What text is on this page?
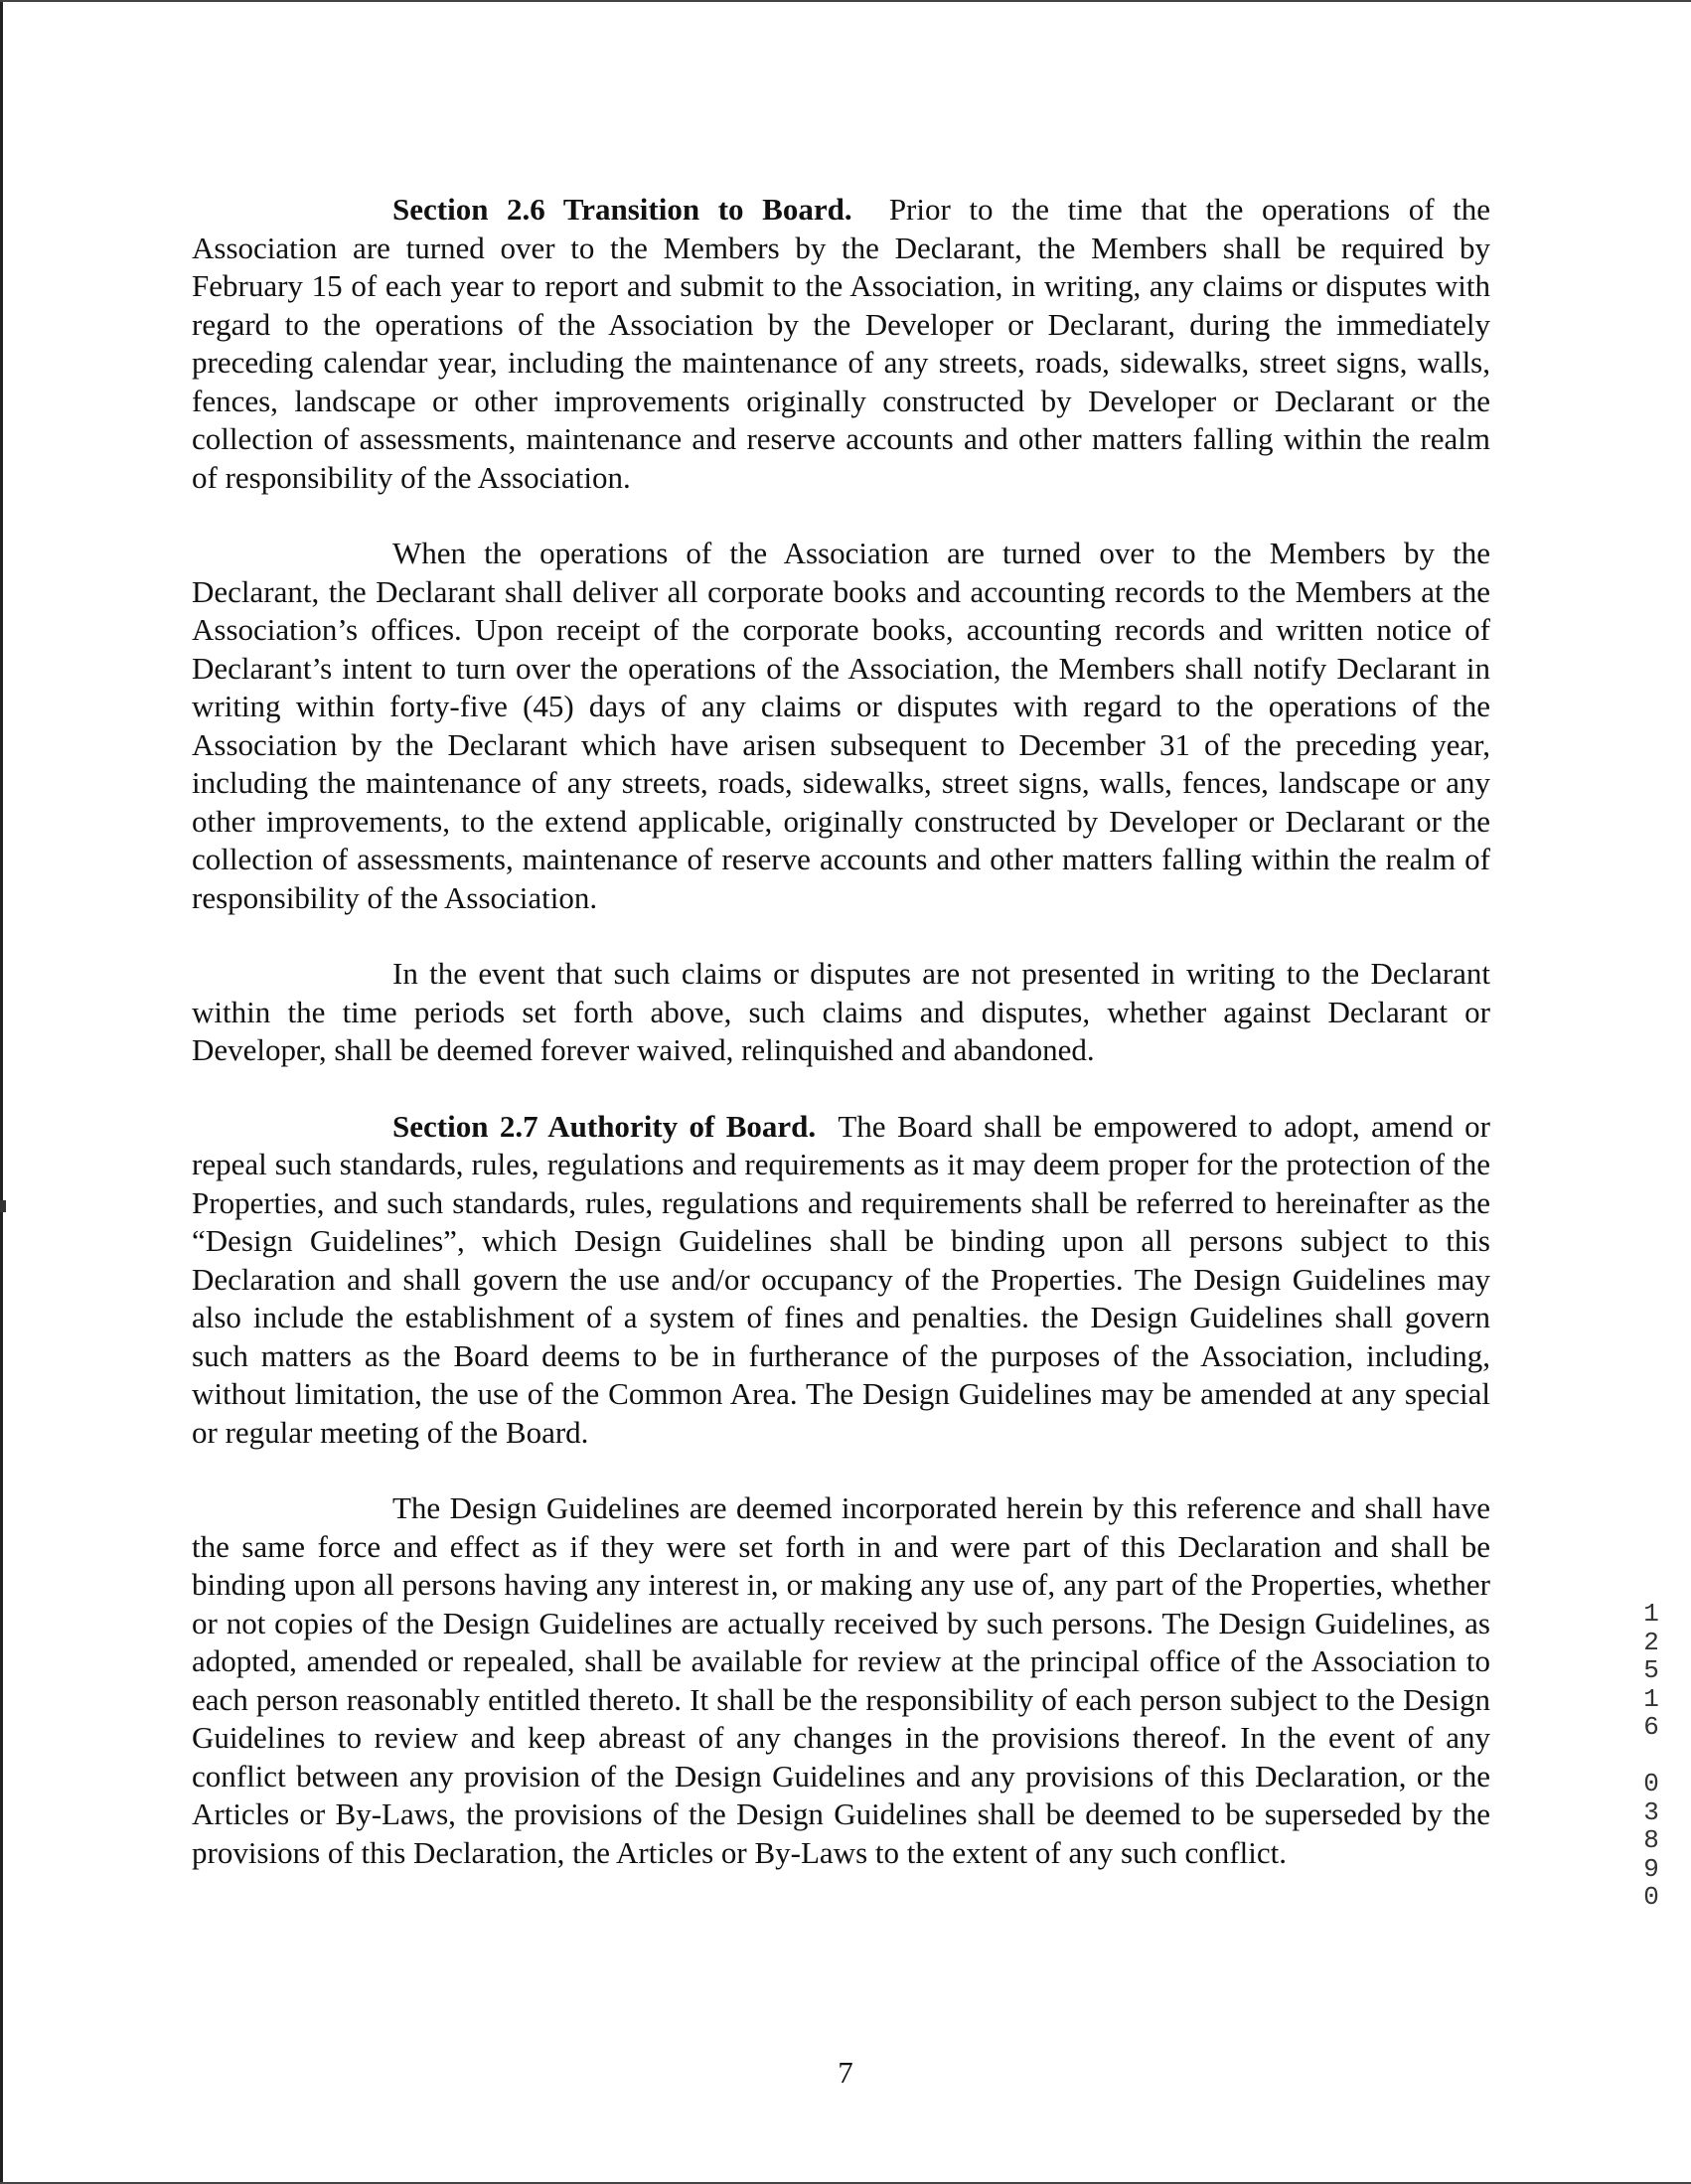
Section 2.6 Transition to Board. Prior to the time that the operations of the Association are turned over to the Members by the Declarant, the Members shall be required by February 15 of each year to report and submit to the Association, in writing, any claims or disputes with regard to the operations of the Association by the Developer or Declarant, during the immediately preceding calendar year, including the maintenance of any streets, roads, sidewalks, street signs, walls, fences, landscape or other improvements originally constructed by Developer or Declarant or the collection of assessments, maintenance and reserve accounts and other matters falling within the realm of responsibility of the Association.

When the operations of the Association are turned over to the Members by the Declarant, the Declarant shall deliver all corporate books and accounting records to the Members at the Association’s offices. Upon receipt of the corporate books, accounting records and written notice of Declarant’s intent to turn over the operations of the Association, the Members shall notify Declarant in writing within forty-five (45) days of any claims or disputes with regard to the operations of the Association by the Declarant which have arisen subsequent to December 31 of the preceding year, including the maintenance of any streets, roads, sidewalks, street signs, walls, fences, landscape or any other improvements, to the extend applicable, originally constructed by Developer or Declarant or the collection of assessments, maintenance of reserve accounts and other matters falling within the realm of responsibility of the Association.

In the event that such claims or disputes are not presented in writing to the Declarant within the time periods set forth above, such claims and disputes, whether against Declarant or Developer, shall be deemed forever waived, relinquished and abandoned.

Section 2.7 Authority of Board. The Board shall be empowered to adopt, amend or repeal such standards, rules, regulations and requirements as it may deem proper for the protection of the Properties, and such standards, rules, regulations and requirements shall be referred to hereinafter as the “Design Guidelines”, which Design Guidelines shall be binding upon all persons subject to this Declaration and shall govern the use and/or occupancy of the Properties. The Design Guidelines may also include the establishment of a system of fines and penalties. the Design Guidelines shall govern such matters as the Board deems to be in furtherance of the purposes of the Association, including, without limitation, the use of the Common Area. The Design Guidelines may be amended at any special or regular meeting of the Board.

The Design Guidelines are deemed incorporated herein by this reference and shall have the same force and effect as if they were set forth in and were part of this Declaration and shall be binding upon all persons having any interest in, or making any use of, any part of the Properties, whether or not copies of the Design Guidelines are actually received by such persons. The Design Guidelines, as adopted, amended or repealed, shall be available for review at the principal office of the Association to each person reasonably entitled thereto. It shall be the responsibility of each person subject to the Design Guidelines to review and keep abreast of any changes in the provisions thereof. In the event of any conflict between any provision of the Design Guidelines and any provisions of this Declaration, or the Articles or By-Laws, the provisions of the Design Guidelines shall be deemed to be superseded by the provisions of this Declaration, the Articles or By-Laws to the extent of any such conflict.

7
1
2
5
1
6

0
3
8
9
0
